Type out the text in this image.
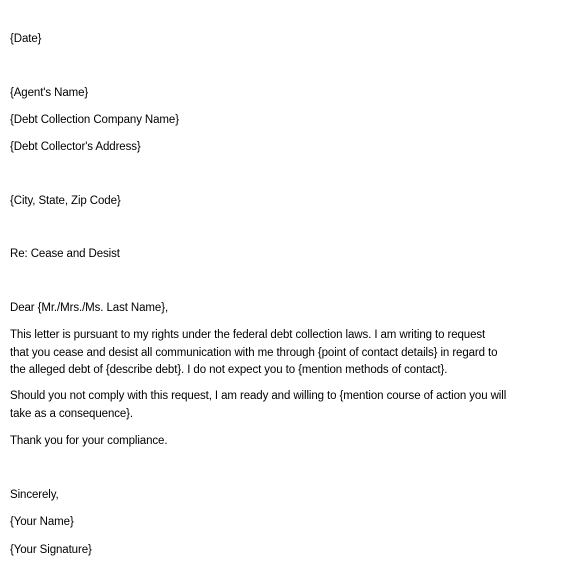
{Date}
{Agent's Name}
{Debt Collection Company Name}
{Debt Collector's Address}
{City, State, Zip Code}
Re: Cease and Desist
Dear {Mr./Mrs./Ms. Last Name},
This letter is pursuant to my rights under the federal debt collection laws. I am writing to request
that you cease and desist all communication with me through {point of contact details} in regard to
the alleged debt of {describe debt}. I do not expect you to {mention methods of contact}.
Should you not comply with this request, I am ready and willing to {mention course of action you will
take as a consequence}.
Thank you for your compliance.
Sincerely,
{Your Name}
{Your Signature}
